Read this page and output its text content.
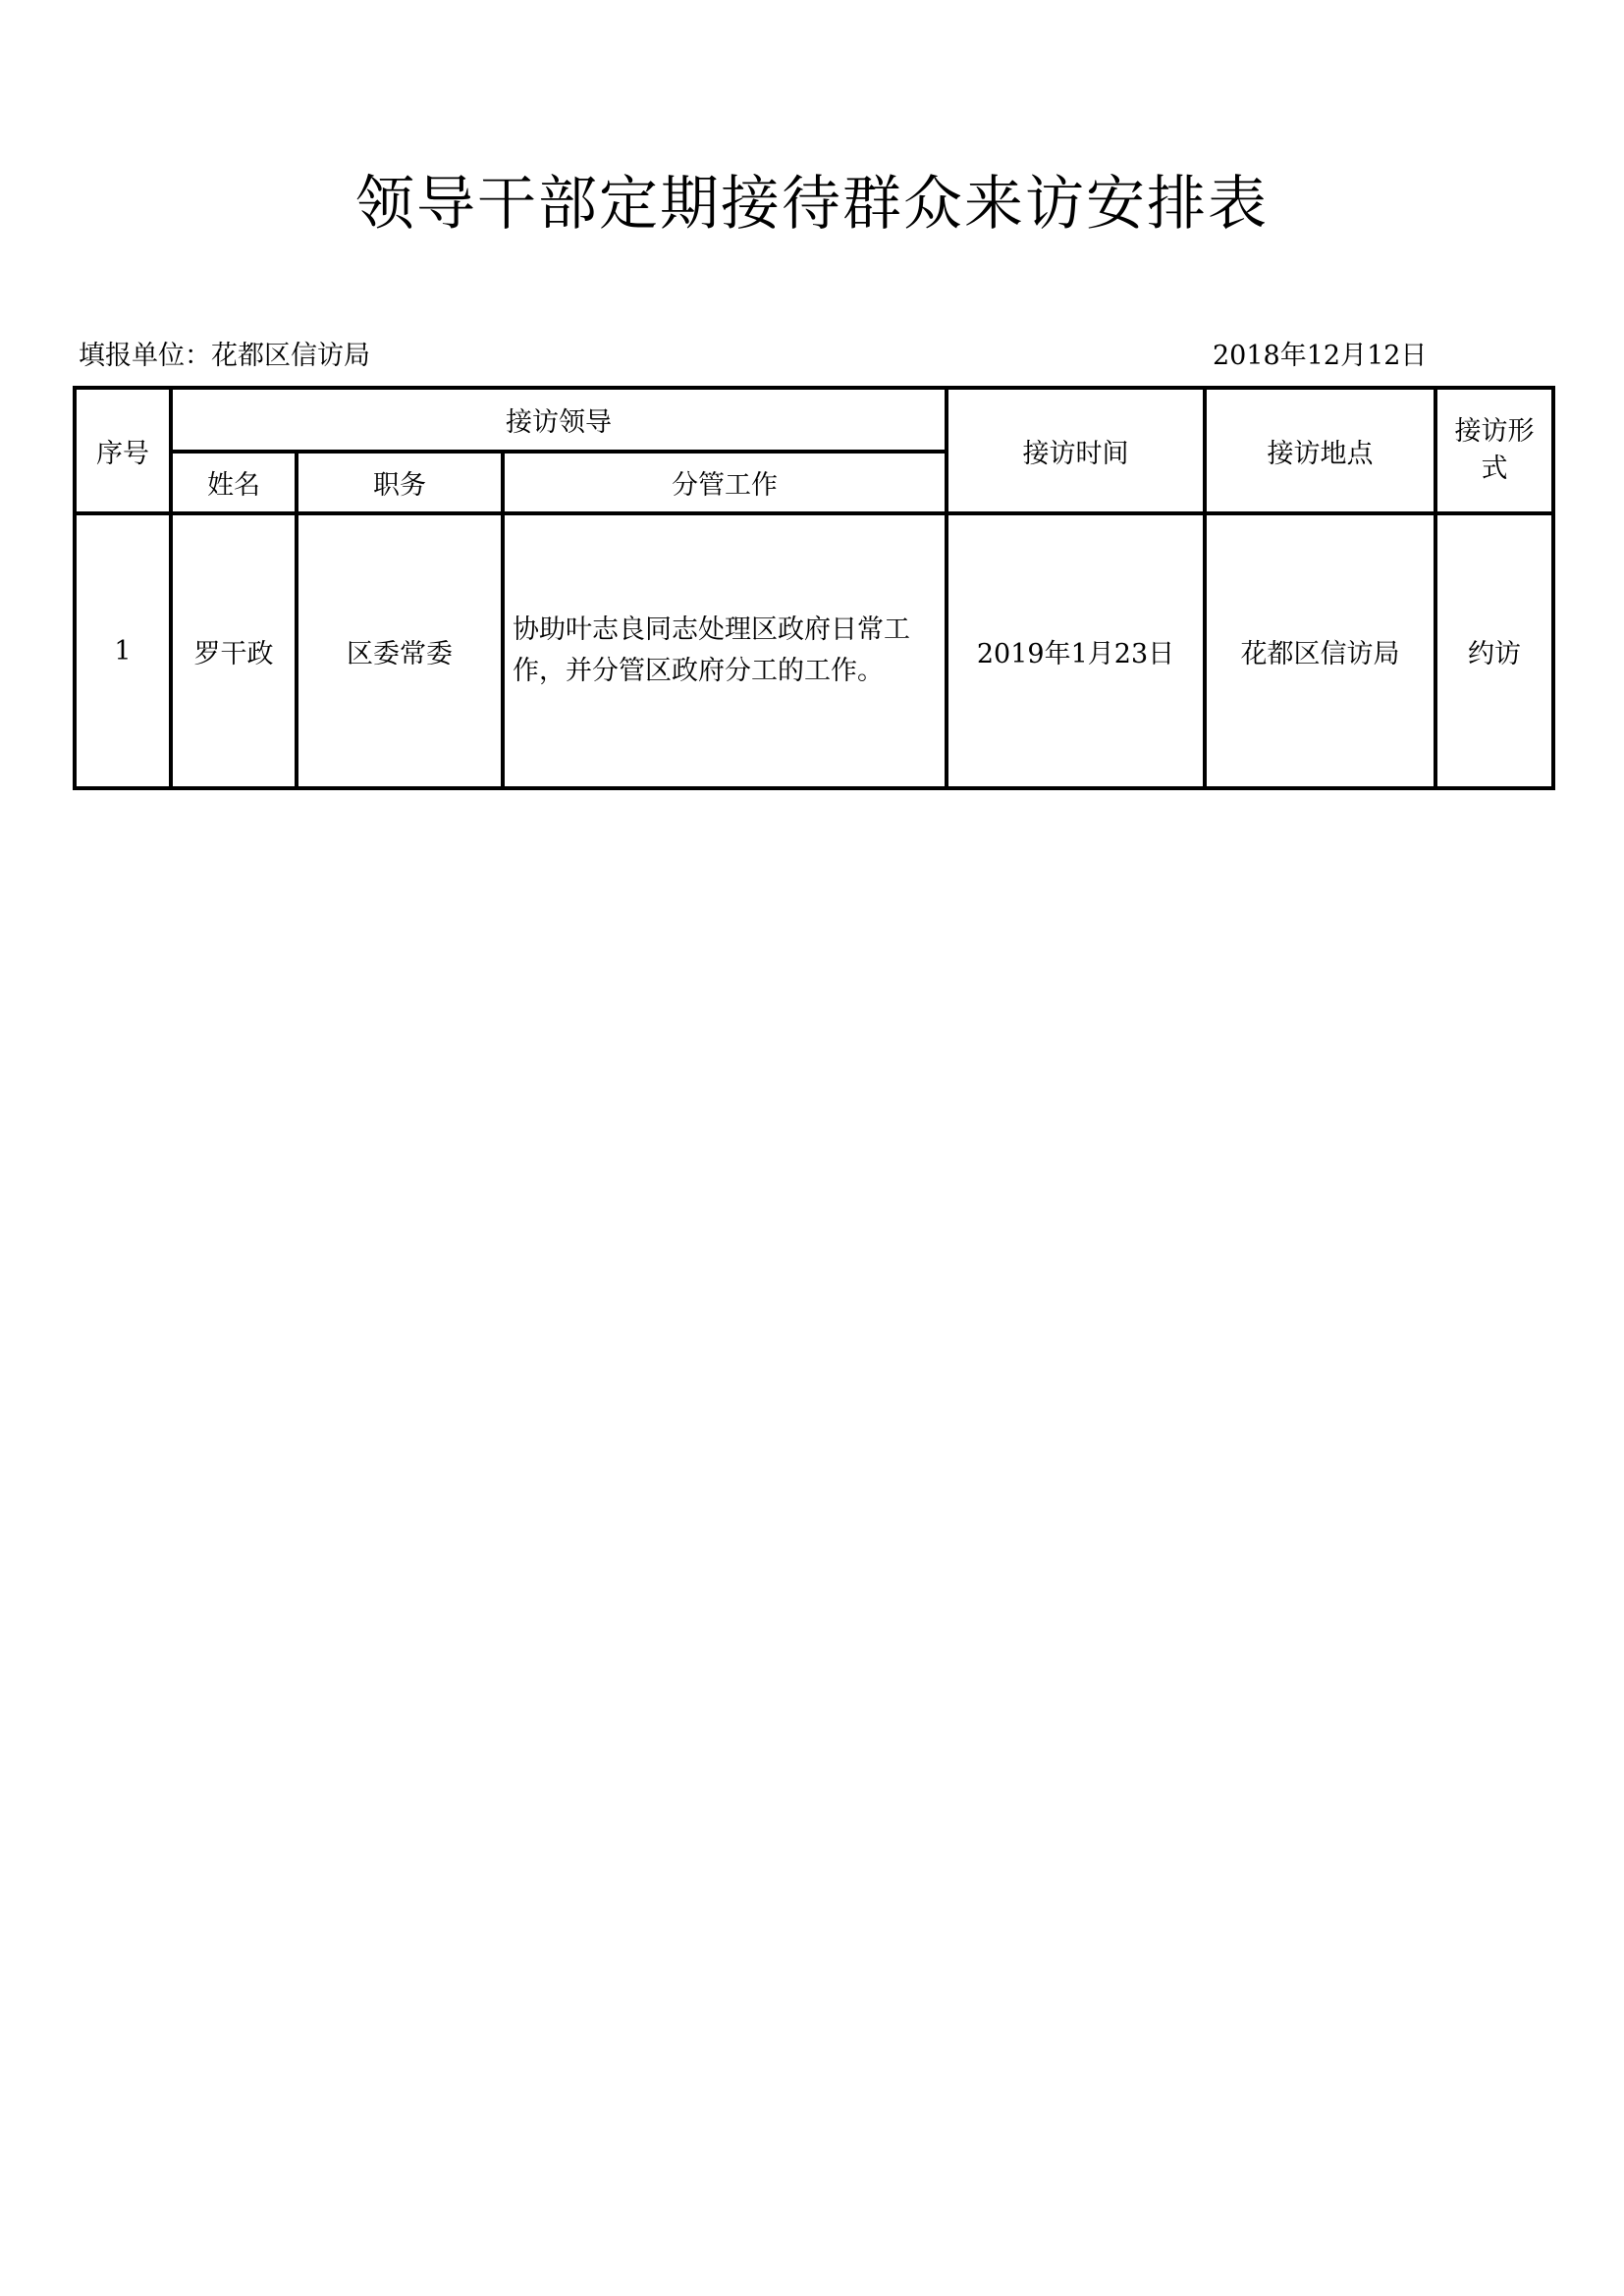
领导干部定期接待群众来访安排表
填报单位：花都区信访局	2018年12月12日
序号	接访领导			接访时间	接访地点	接访形式
	姓名	职务	分管工作			
1	罗干政	区委常委	协助叶志良同志处理区政府日常工作，并分管区政府分工的工作。	2019年1月23日	花都区信访局	约访
